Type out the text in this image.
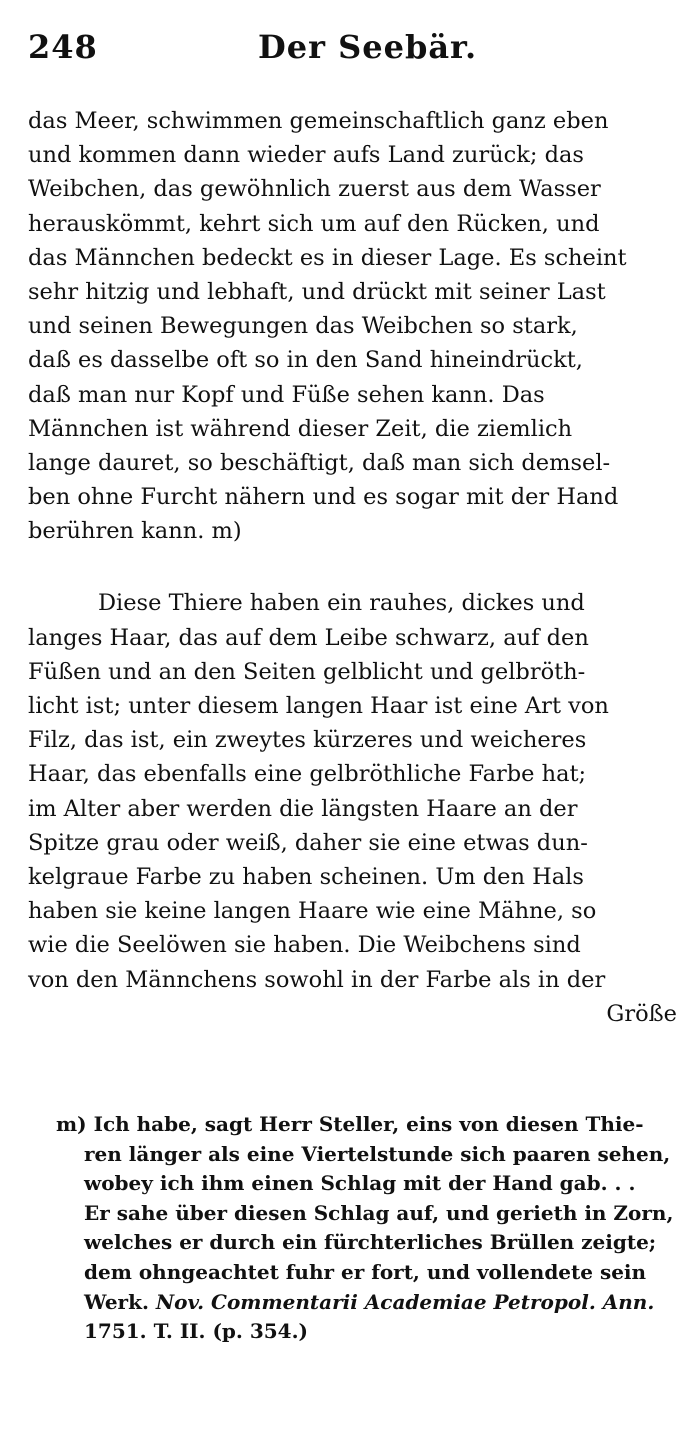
248	Der Seebär.
das Meer, schwimmen gemeinschaftlich ganz eben
und kommen dann wieder aufs Land zurück; das
Weibchen, das gewöhnlich zuerst aus dem Wasser
herauskömmt, kehrt sich um auf den Rücken, und
das Männchen bedeckt es in dieser Lage. Es scheint
sehr hitzig und lebhaft, und drückt mit seiner Last
und seinen Bewegungen das Weibchen so stark,
daß es dasselbe oft so in den Sand hineindrückt,
daß man nur Kopf und Füße sehen kann. Das
Männchen ist während dieser Zeit, die ziemlich
lange dauret, so beschäftigt, daß man sich demsel-
ben ohne Furcht nähern und es sogar mit der Hand
berühren kann. m)
Diese Thiere haben ein rauhes, dickes und
langes Haar, das auf dem Leibe schwarz, auf den
Füßen und an den Seiten gelblicht und gelbröth-
licht ist; unter diesem langen Haar ist eine Art von
Filz, das ist, ein zweytes kürzeres und weicheres
Haar, das ebenfalls eine gelbröthliche Farbe hat;
im Alter aber werden die längsten Haare an der
Spitze grau oder weiß, daher sie eine etwas dun-
kelgraue Farbe zu haben scheinen. Um den Hals
haben sie keine langen Haare wie eine Mähne, so
wie die Seelöwen sie haben. Die Weibchens sind
von den Männchens sowohl in der Farbe als in der
Größe
m) Ich habe, sagt Herr Steller, eins von diesen Thie-
ren länger als eine Viertelstunde sich paaren sehen,
wobey ich ihm einen Schlag mit der Hand gab. . .
Er sahe über diesen Schlag auf, und gerieth in Zorn,
welches er durch ein fürchterliches Brüllen zeigte;
dem ohngeachtet fuhr er fort, und vollendete sein
Werk. Nov. Commentarii Academiae Petropol. Ann.
1751. T. II. (p. 354.)
